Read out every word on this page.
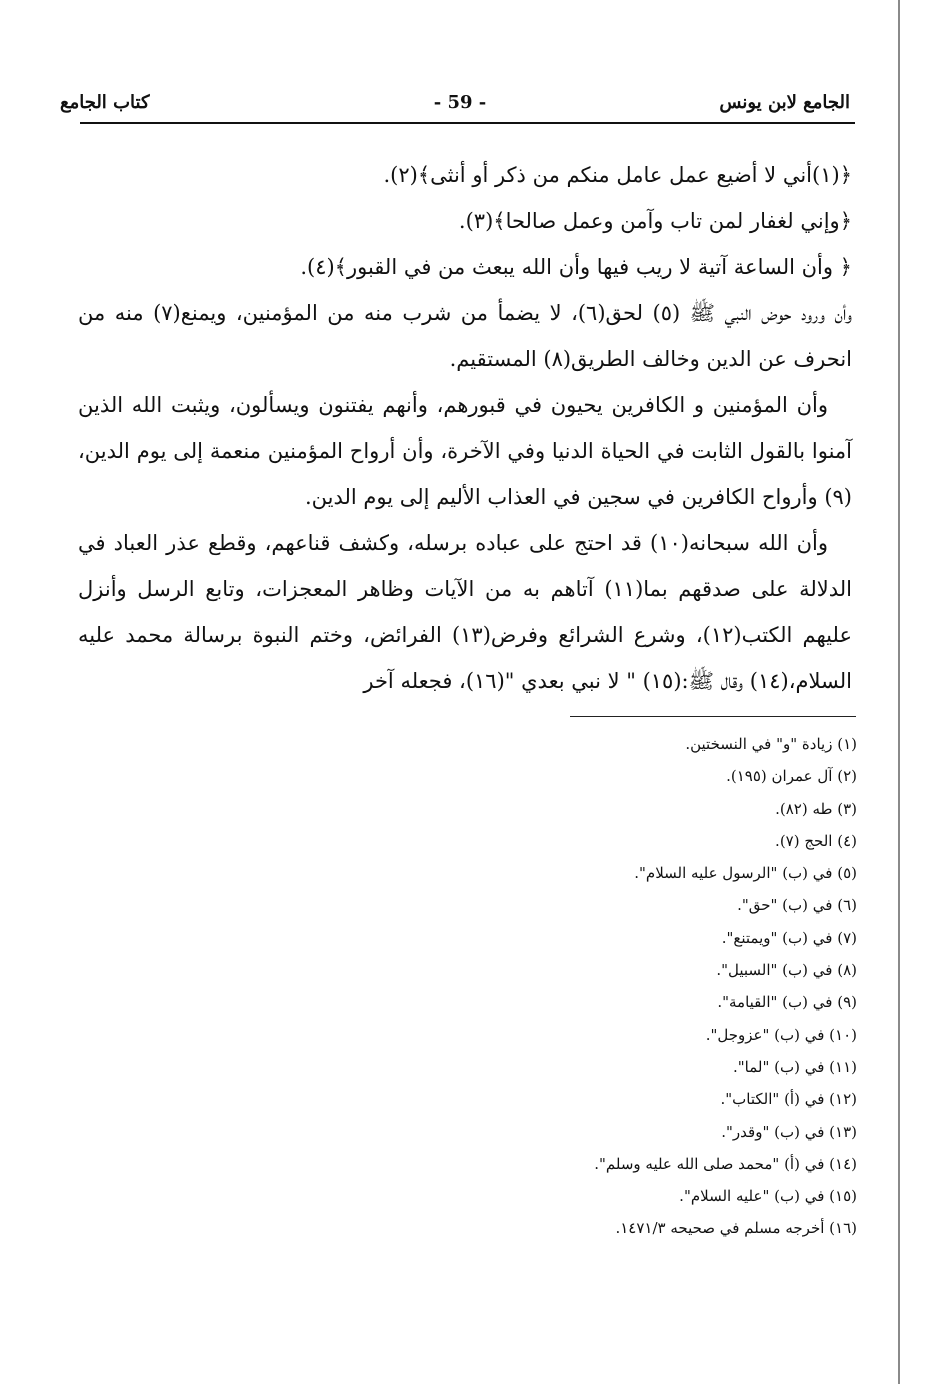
الجامع لابن يونس
- 59 -
كتاب الجامع

﴿(١)أني لا أضيع عمل عامل منكم من ذكر أو أنثى﴾(٢).

﴿وإني لغفار لمن تاب وآمن وعمل صالحا﴾(٣).

﴿ وأن الساعة آتية لا ريب فيها وأن الله يبعث من في القبور﴾(٤).

وأن ورود حوض النبي ﷺ (٥) لحق(٦)، لا يضمأ من شرب منه من المؤمنين، ويمنع(٧) منه من انحرف عن الدين وخالف الطريق(٨) المستقيم.

وأن المؤمنين و الكافرين يحيون في قبورهم، وأنهم يفتنون ويسألون، ويثبت الله الذين آمنوا بالقول الثابت في الحياة الدنيا وفي الآخرة، وأن أرواح المؤمنين منعمة إلى يوم الدين،(٩) وأرواح الكافرين في سجين في العذاب الأليم إلى يوم الدين.

وأن الله سبحانه(١٠) قد احتج على عباده برسله، وكشف قناعهم، وقطع عذر العباد في الدلالة على صدقهم بما(١١) آتاهم به من الآيات وظاهر المعجزات، وتابع الرسل وأنزل عليهم الكتب(١٢)، وشرع الشرائع وفرض(١٣) الفرائض، وختم النبوة برسالة محمد عليه السلام،(١٤) وقال ﷺ:(١٥) " لا نبي بعدي "(١٦)، فجعله آخر

(١) زيادة "و" في النسختين.
(٢) آل عمران (١٩٥).
(٣) طه (٨٢).
(٤) الحج (٧).
(٥) في (ب) "الرسول عليه السلام".
(٦) في (ب) "حق".
(٧) في (ب) "ويمتنع".
(٨) في (ب) "السبيل".
(٩) في (ب) "القيامة".
(١٠) في (ب) "عزوجل".
(١١) في (ب) "لما".
(١٢) في (أ) "الكتاب".
(١٣) في (ب) "وقدر".
(١٤) في (أ) "محمد صلى الله عليه وسلم".
(١٥) في (ب) "عليه السلام".
(١٦) أخرجه مسلم في صحيحه ١٤٧١/٣.
